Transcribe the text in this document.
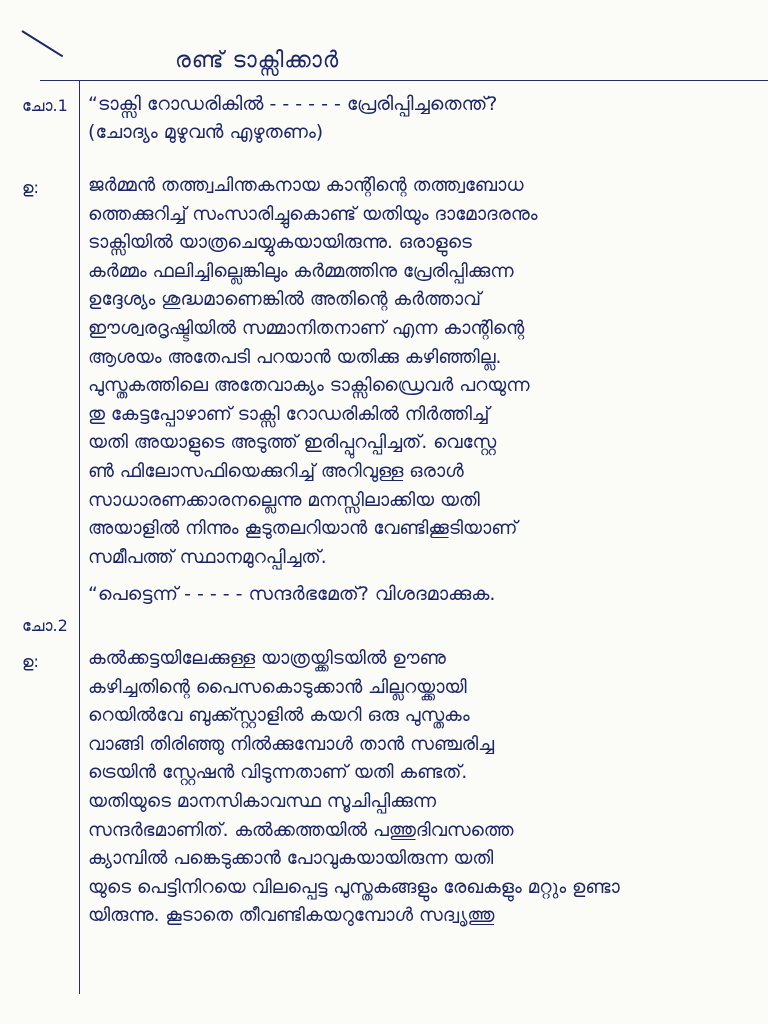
രണ്ട് ടാക്സിക്കാർ
ചോ.1 “ടാക്സി റോഡരികിൽ - - - - - - പ്രേരിപ്പിച്ചതെന്ത്?
(ചോദ്യം മുഴുവൻ എഴുതണം)
ഉ:	ജർമ്മൻ തത്ത്വചിന്തകനായ കാന്റിന്റെ തത്ത്വബോധ
ത്തെക്കുറിച്ച് സംസാരിച്ചുകൊണ്ട് യതിയും ദാമോദരനും
ടാക്സിയിൽ യാത്രചെയ്യുകയായിരുന്നു. ഒരാളുടെ
കർമ്മം ഫലിച്ചില്ലെങ്കിലും കർമ്മത്തിനു പ്രേരിപ്പിക്കുന്ന
ഉദ്ദേശ്യം ശുദ്ധമാണെങ്കിൽ അതിന്റെ കർത്താവ്
ഈശ്വരദൃഷ്ടിയിൽ സമ്മാനിതനാണ് എന്ന കാന്റിന്റെ
ആശയം അതേപടി പറയാൻ യതിക്കു കഴിഞ്ഞില്ല.
പുസ്തകത്തിലെ അതേവാക്യം ടാക്സിഡ്രൈവർ പറയുന്ന
തു കേട്ടപ്പോഴാണ് ടാക്സി റോഡരികിൽ നിർത്തിച്ച്
യതി അയാളുടെ അടുത്ത് ഇരിപ്പുറപ്പിച്ചത്. വെസ്റ്റേ
ൺ ഫിലോസഫിയെക്കുറിച്ച് അറിവുള്ള ഒരാൾ
സാധാരണക്കാരനല്ലെന്നു മനസ്സിലാക്കിയ യതി
അയാളിൽ നിന്നും കൂടുതലറിയാൻ വേണ്ടിക്കൂടിയാണ്
സമീപത്ത് സ്ഥാനമുറപ്പിച്ചത്.
ചോ.2
“പെട്ടെന്ന് - - - - - സന്ദർഭമേത്? വിശദമാക്കുക.
ഉ:	കൽക്കട്ടയിലേക്കുള്ള യാത്രയ്ക്കിടയിൽ ഊണു
കഴിച്ചതിന്റെ പൈസകൊടുക്കാൻ ചില്ലറയ്ക്കായി
റെയിൽവേ ബുക്ക്സ്റ്റാളിൽ കയറി ഒരു പുസ്തകം
വാങ്ങി തിരിഞ്ഞു നിൽക്കുമ്പോൾ താൻ സഞ്ചരിച്ച
ട്രെയിൻ സ്റ്റേഷൻ വിടുന്നതാണ് യതി കണ്ടത്.
യതിയുടെ മാനസികാവസ്ഥ സൂചിപ്പിക്കുന്ന
സന്ദർഭമാണിത്. കൽക്കത്തയിൽ പത്തുദിവസത്തെ
ക്യാമ്പിൽ പങ്കെടുക്കാൻ പോവുകയായിരുന്ന യതി
യുടെ പെട്ടിനിറയെ വിലപ്പെട്ട പുസ്തകങ്ങളും രേഖകളും മറ്റും ഉണ്ടാ
യിരുന്നു. കൂടാതെ തീവണ്ടികയറുമ്പോൾ സദ്വൃത്തു
